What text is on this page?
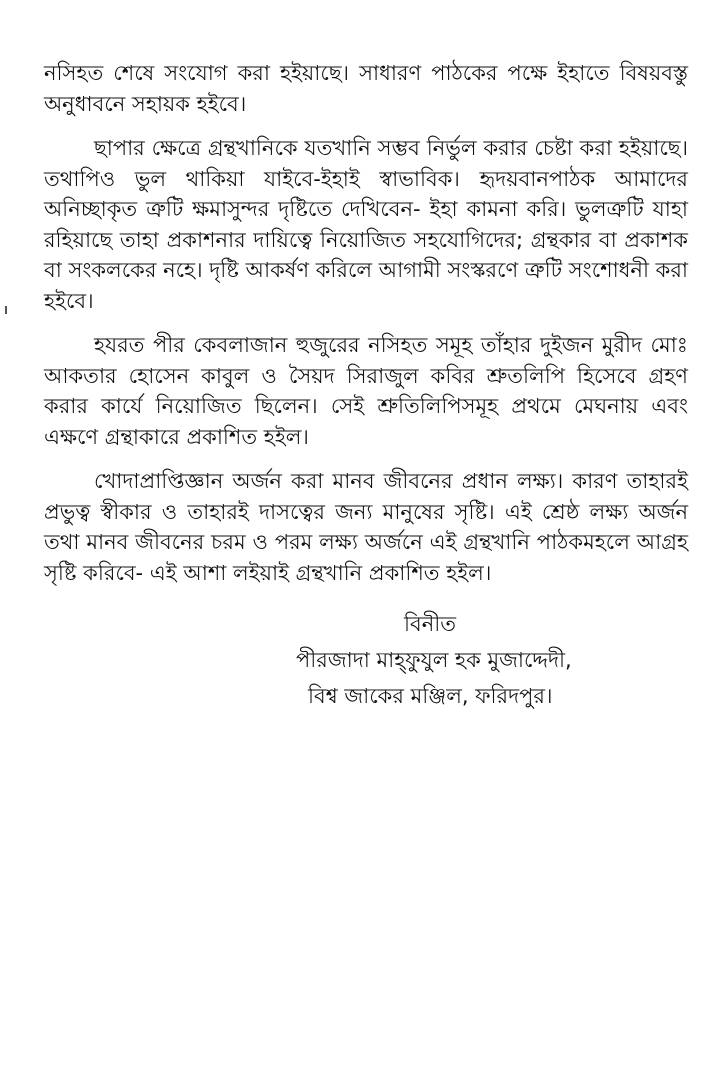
নসিহত শেষে সংযোগ করা হইয়াছে। সাধারণ পাঠকের পক্ষে ইহাতে বিষয়বস্তু অনুধাবনে সহায়ক হইবে।

ছাপার ক্ষেত্রে গ্রন্থখানিকে যতখানি সম্ভব নির্ভুল করার চেষ্টা করা হইয়াছে। তথাপিও ভুল থাকিয়া যাইবে-ইহাই স্বাভাবিক। হৃদয়বানপাঠক আমাদের অনিচ্ছাকৃত ত্রুটি ক্ষমাসুন্দর দৃষ্টিতে দেখিবেন- ইহা কামনা করি। ভুলত্রুটি যাহা রহিয়াছে তাহা প্রকাশনার দায়িত্বে নিয়োজিত সহযোগিদের; গ্রন্থকার বা প্রকাশক বা সংকলকের নহে। দৃষ্টি আকর্ষণ করিলে আগামী সংস্করণে ত্রুটি সংশোধনী করা হইবে।

হযরত পীর কেবলাজান হুজুরের নসিহত সমূহ তাঁহার দুইজন মুরীদ মোঃ আকতার হোসেন কাবুল ও সৈয়দ সিরাজুল কবির শ্রুতলিপি হিসেবে গ্রহণ করার কার্যে নিয়োজিত ছিলেন। সেই শ্রুতিলিপিসমূহ প্রথমে মেঘনায় এবং এক্ষণে গ্রন্থাকারে প্রকাশিত হইল।

খোদাপ্রাপ্তিজ্ঞান অর্জন করা মানব জীবনের প্রধান লক্ষ্য। কারণ তাহারই প্রভুত্ব স্বীকার ও তাহারই দাসত্বের জন্য মানুষের সৃষ্টি। এই শ্রেষ্ঠ লক্ষ্য অর্জন তথা মানব জীবনের চরম ও পরম লক্ষ্য অর্জনে এই গ্রন্থখানি পাঠকমহলে আগ্রহ সৃষ্টি করিবে- এই আশা লইয়াই গ্রন্থখানি প্রকাশিত হইল।

বিনীত
পীরজাদা মাহ্‌ফুযুল হক মুজাদ্দেদী,
বিশ্ব জাকের মঞ্জিল, ফরিদপুর।
